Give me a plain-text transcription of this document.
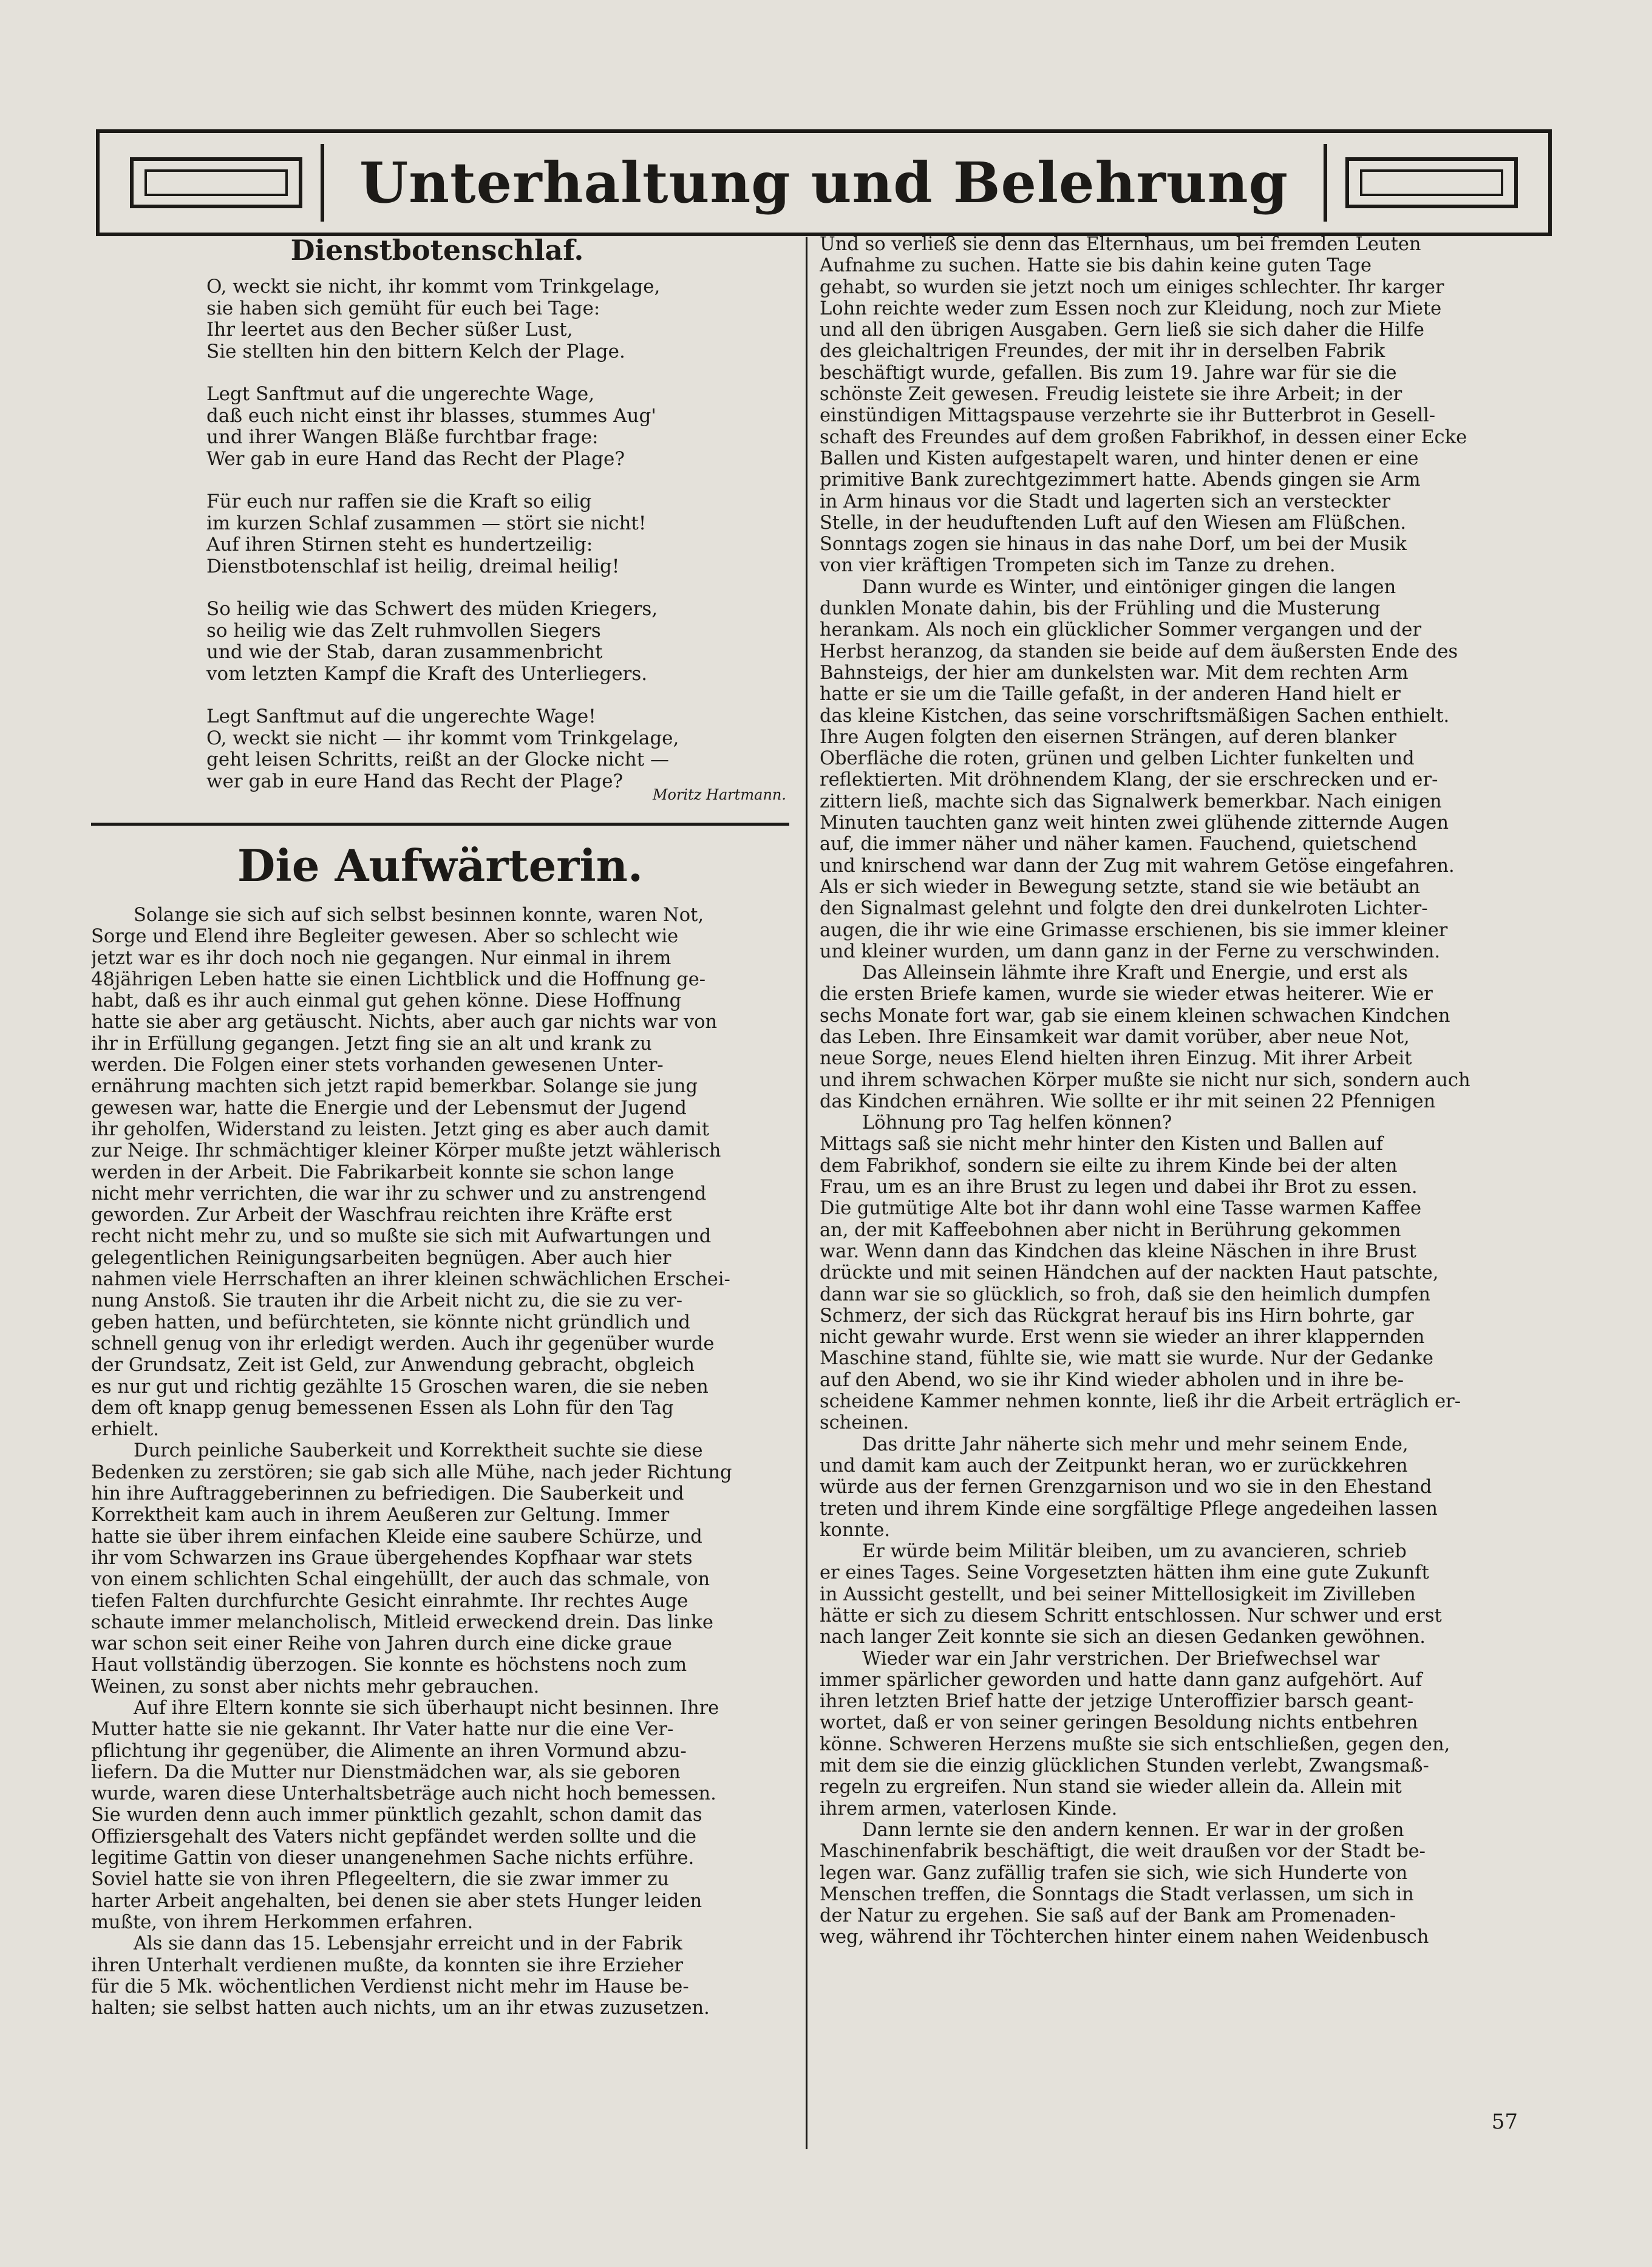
Unterhaltung und Belehrung
Dienstbotenschlaf.
O, weckt sie nicht, ihr kommt vom Trinkgelage,
sie haben sich gemüht für euch bei Tage:
Ihr leertet aus den Becher süßer Lust,
Sie stellten hin den bittern Kelch der Plage.
Legt Sanftmut auf die ungerechte Wage,
daß euch nicht einst ihr blasses, stummes Aug'
und ihrer Wangen Bläße furchtbar frage:
Wer gab in eure Hand das Recht der Plage?
Für euch nur raffen sie die Kraft so eilig
im kurzen Schlaf zusammen — stört sie nicht!
Auf ihren Stirnen steht es hundertzeilig:
Dienstbotenschlaf ist heilig, dreimal heilig!
So heilig wie das Schwert des müden Kriegers,
so heilig wie das Zelt ruhmvollen Siegers
und wie der Stab, daran zusammenbricht
vom letzten Kampf die Kraft des Unterliegers.
Legt Sanftmut auf die ungerechte Wage!
O, weckt sie nicht — ihr kommt vom Trinkgelage,
geht leisen Schritts, reißt an der Glocke nicht —
wer gab in eure Hand das Recht der Plage?
Moritz Hartmann.
Die Aufwärterin.
Solange sie sich auf sich selbst besinnen konnte, waren Not,
Sorge und Elend ihre Begleiter gewesen. Aber so schlecht wie
jetzt war es ihr doch noch nie gegangen. Nur einmal in ihrem
48jährigen Leben hatte sie einen Lichtblick und die Hoffnung ge-
habt, daß es ihr auch einmal gut gehen könne. Diese Hoffnung
hatte sie aber arg getäuscht. Nichts, aber auch gar nichts war von
ihr in Erfüllung gegangen. Jetzt fing sie an alt und krank zu
werden. Die Folgen einer stets vorhanden gewesenen Unter-
ernährung machten sich jetzt rapid bemerkbar. Solange sie jung
gewesen war, hatte die Energie und der Lebensmut der Jugend
ihr geholfen, Widerstand zu leisten. Jetzt ging es aber auch damit
zur Neige. Ihr schmächtiger kleiner Körper mußte jetzt wählerisch
werden in der Arbeit. Die Fabrikarbeit konnte sie schon lange
nicht mehr verrichten, die war ihr zu schwer und zu anstrengend
geworden. Zur Arbeit der Waschfrau reichten ihre Kräfte erst
recht nicht mehr zu, und so mußte sie sich mit Aufwartungen und
gelegentlichen Reinigungsarbeiten begnügen. Aber auch hier
nahmen viele Herrschaften an ihrer kleinen schwächlichen Erschei-
nung Anstoß. Sie trauten ihr die Arbeit nicht zu, die sie zu ver-
geben hatten, und befürchteten, sie könnte nicht gründlich und
schnell genug von ihr erledigt werden. Auch ihr gegenüber wurde
der Grundsatz, Zeit ist Geld, zur Anwendung gebracht, obgleich
es nur gut und richtig gezählte 15 Groschen waren, die sie neben
dem oft knapp genug bemessenen Essen als Lohn für den Tag
erhielt.
Durch peinliche Sauberkeit und Korrektheit suchte sie diese
Bedenken zu zerstören; sie gab sich alle Mühe, nach jeder Richtung
hin ihre Auftraggeberinnen zu befriedigen. Die Sauberkeit und
Korrektheit kam auch in ihrem Aeußeren zur Geltung. Immer
hatte sie über ihrem einfachen Kleide eine saubere Schürze, und
ihr vom Schwarzen ins Graue übergehendes Kopfhaar war stets
von einem schlichten Schal eingehüllt, der auch das schmale, von
tiefen Falten durchfurchte Gesicht einrahmte. Ihr rechtes Auge
schaute immer melancholisch, Mitleid erweckend drein. Das linke
war schon seit einer Reihe von Jahren durch eine dicke graue
Haut vollständig überzogen. Sie konnte es höchstens noch zum
Weinen, zu sonst aber nichts mehr gebrauchen.
Auf ihre Eltern konnte sie sich überhaupt nicht besinnen. Ihre
Mutter hatte sie nie gekannt. Ihr Vater hatte nur die eine Ver-
pflichtung ihr gegenüber, die Alimente an ihren Vormund abzu-
liefern. Da die Mutter nur Dienstmädchen war, als sie geboren
wurde, waren diese Unterhaltsbeträge auch nicht hoch bemessen.
Sie wurden denn auch immer pünktlich gezahlt, schon damit das
Offiziersgehalt des Vaters nicht gepfändet werden sollte und die
legitime Gattin von dieser unangenehmen Sache nichts erführe.
Soviel hatte sie von ihren Pflegeeltern, die sie zwar immer zu
harter Arbeit angehalten, bei denen sie aber stets Hunger leiden
mußte, von ihrem Herkommen erfahren.
Als sie dann das 15. Lebensjahr erreicht und in der Fabrik
ihren Unterhalt verdienen mußte, da konnten sie ihre Erzieher
für die 5 Mk. wöchentlichen Verdienst nicht mehr im Hause be-
halten; sie selbst hatten auch nichts, um an ihr etwas zuzusetzen.
Und so verließ sie denn das Elternhaus, um bei fremden Leuten
Aufnahme zu suchen. Hatte sie bis dahin keine guten Tage
gehabt, so wurden sie jetzt noch um einiges schlechter. Ihr karger
Lohn reichte weder zum Essen noch zur Kleidung, noch zur Miete
und all den übrigen Ausgaben. Gern ließ sie sich daher die Hilfe
des gleichaltrigen Freundes, der mit ihr in derselben Fabrik
beschäftigt wurde, gefallen. Bis zum 19. Jahre war für sie die
schönste Zeit gewesen. Freudig leistete sie ihre Arbeit; in der
einstündigen Mittagspause verzehrte sie ihr Butterbrot in Gesell-
schaft des Freundes auf dem großen Fabrikhof, in dessen einer Ecke
Ballen und Kisten aufgestapelt waren, und hinter denen er eine
primitive Bank zurechtgezimmert hatte. Abends gingen sie Arm
in Arm hinaus vor die Stadt und lagerten sich an versteckter
Stelle, in der heuduftenden Luft auf den Wiesen am Flüßchen.
Sonntags zogen sie hinaus in das nahe Dorf, um bei der Musik
von vier kräftigen Trompeten sich im Tanze zu drehen.
Dann wurde es Winter, und eintöniger gingen die langen
dunklen Monate dahin, bis der Frühling und die Musterung
herankam. Als noch ein glücklicher Sommer vergangen und der
Herbst heranzog, da standen sie beide auf dem äußersten Ende des
Bahnsteigs, der hier am dunkelsten war. Mit dem rechten Arm
hatte er sie um die Taille gefaßt, in der anderen Hand hielt er
das kleine Kistchen, das seine vorschriftsmäßigen Sachen enthielt.
Ihre Augen folgten den eisernen Strängen, auf deren blanker
Oberfläche die roten, grünen und gelben Lichter funkelten und
reflektierten. Mit dröhnendem Klang, der sie erschrecken und er-
zittern ließ, machte sich das Signalwerk bemerkbar. Nach einigen
Minuten tauchten ganz weit hinten zwei glühende zitternde Augen
auf, die immer näher und näher kamen. Fauchend, quietschend
und knirschend war dann der Zug mit wahrem Getöse eingefahren.
Als er sich wieder in Bewegung setzte, stand sie wie betäubt an
den Signalmast gelehnt und folgte den drei dunkelroten Lichter-
augen, die ihr wie eine Grimasse erschienen, bis sie immer kleiner
und kleiner wurden, um dann ganz in der Ferne zu verschwinden.
Das Alleinsein lähmte ihre Kraft und Energie, und erst als
die ersten Briefe kamen, wurde sie wieder etwas heiterer. Wie er
sechs Monate fort war, gab sie einem kleinen schwachen Kindchen
das Leben. Ihre Einsamkeit war damit vorüber, aber neue Not,
neue Sorge, neues Elend hielten ihren Einzug. Mit ihrer Arbeit
und ihrem schwachen Körper mußte sie nicht nur sich, sondern auch
das Kindchen ernähren. Wie sollte er ihr mit seinen 22 Pfennigen
Löhnung pro Tag helfen können?
Mittags saß sie nicht mehr hinter den Kisten und Ballen auf
dem Fabrikhof, sondern sie eilte zu ihrem Kinde bei der alten
Frau, um es an ihre Brust zu legen und dabei ihr Brot zu essen.
Die gutmütige Alte bot ihr dann wohl eine Tasse warmen Kaffee
an, der mit Kaffeebohnen aber nicht in Berührung gekommen
war. Wenn dann das Kindchen das kleine Näschen in ihre Brust
drückte und mit seinen Händchen auf der nackten Haut patschte,
dann war sie so glücklich, so froh, daß sie den heimlich dumpfen
Schmerz, der sich das Rückgrat herauf bis ins Hirn bohrte, gar
nicht gewahr wurde. Erst wenn sie wieder an ihrer klappernden
Maschine stand, fühlte sie, wie matt sie wurde. Nur der Gedanke
auf den Abend, wo sie ihr Kind wieder abholen und in ihre be-
scheidene Kammer nehmen konnte, ließ ihr die Arbeit erträglich er-
scheinen.
Das dritte Jahr näherte sich mehr und mehr seinem Ende,
und damit kam auch der Zeitpunkt heran, wo er zurückkehren
würde aus der fernen Grenzgarnison und wo sie in den Ehestand
treten und ihrem Kinde eine sorgfältige Pflege angedeihen lassen
konnte.
Er würde beim Militär bleiben, um zu avancieren, schrieb
er eines Tages. Seine Vorgesetzten hätten ihm eine gute Zukunft
in Aussicht gestellt, und bei seiner Mittellosigkeit im Zivilleben
hätte er sich zu diesem Schritt entschlossen. Nur schwer und erst
nach langer Zeit konnte sie sich an diesen Gedanken gewöhnen.
Wieder war ein Jahr verstrichen. Der Briefwechsel war
immer spärlicher geworden und hatte dann ganz aufgehört. Auf
ihren letzten Brief hatte der jetzige Unteroffizier barsch geant-
wortet, daß er von seiner geringen Besoldung nichts entbehren
könne. Schweren Herzens mußte sie sich entschließen, gegen den,
mit dem sie die einzig glücklichen Stunden verlebt, Zwangsmaß-
regeln zu ergreifen. Nun stand sie wieder allein da. Allein mit
ihrem armen, vaterlosen Kinde.
Dann lernte sie den andern kennen. Er war in der großen
Maschinenfabrik beschäftigt, die weit draußen vor der Stadt be-
legen war. Ganz zufällig trafen sie sich, wie sich Hunderte von
Menschen treffen, die Sonntags die Stadt verlassen, um sich in
der Natur zu ergehen. Sie saß auf der Bank am Promenaden-
weg, während ihr Töchterchen hinter einem nahen Weidenbusch
57
